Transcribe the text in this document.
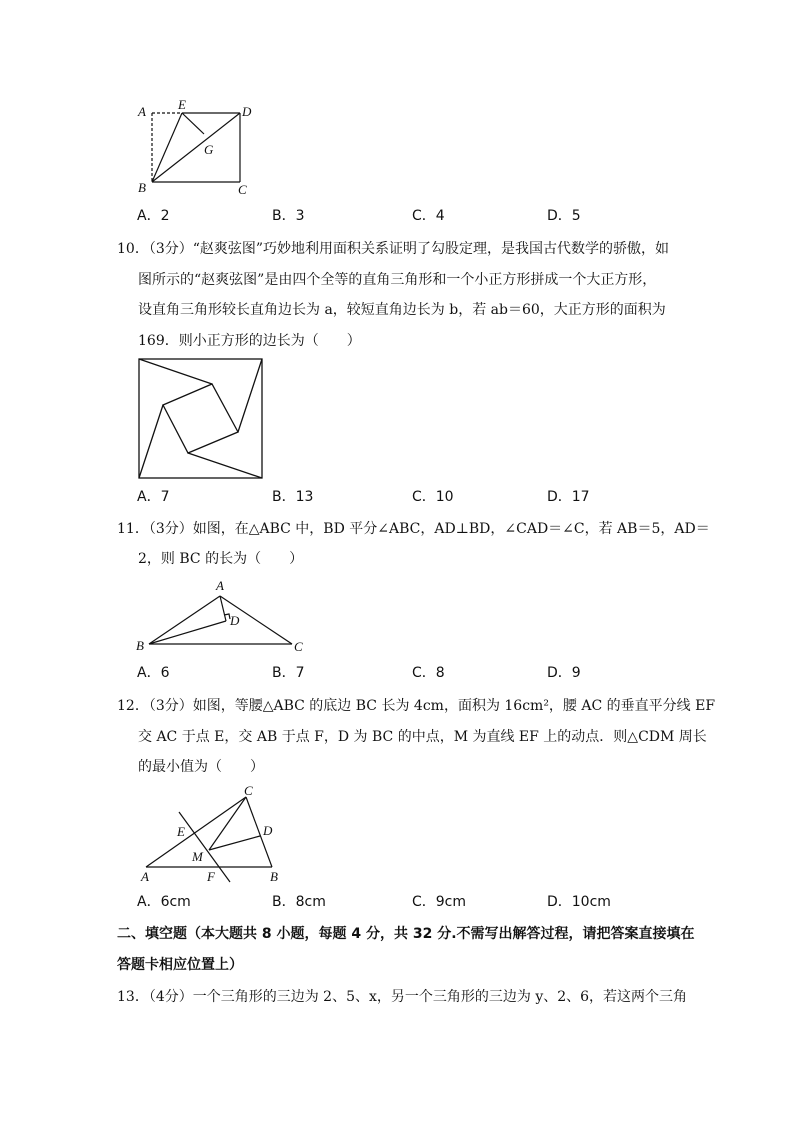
A E	D
G
B	C
A．2	B．3	C．4	D．5
10．（3分）“赵爽弦图”巧妙地利用面积关系证明了勾股定理，是我国古代数学的骄傲，如
图所示的“赵爽弦图”是由四个全等的直角三角形和一个小正方形拼成一个大正方形，
设直角三角形较长直角边长为 a，较短直角边长为 b，若 ab＝60，大正方形的面积为
169．则小正方形的边长为（　　）
A．7	B．13	C．10	D．17
11．（3分）如图，在△ABC 中，BD 平分∠ABC，AD⊥BD，∠CAD＝∠C，若 AB＝5，AD＝
2，则 BC 的长为（　　）
A
D
B	C
A．6	B．7	C．8	D．9
12．（3分）如图，等腰△ABC 的底边 BC 长为 4cm，面积为 16cm²，腰 AC 的垂直平分线 EF
交 AC 于点 E，交 AB 于点 F，D 为 BC 的中点，M 为直线 EF 上的动点．则△CDM 周长
的最小值为（　　）
C
E	D
M
A	F	B
A．6cm	B．8cm	C．9cm	D．10cm
二、填空题（本大题共 8 小题，每题 4 分，共 32 分.不需写出解答过程，请把答案直接填在
答题卡相应位置上）
13．（4分）一个三角形的三边为 2、5、x，另一个三角形的三边为 y、2、6，若这两个三角
